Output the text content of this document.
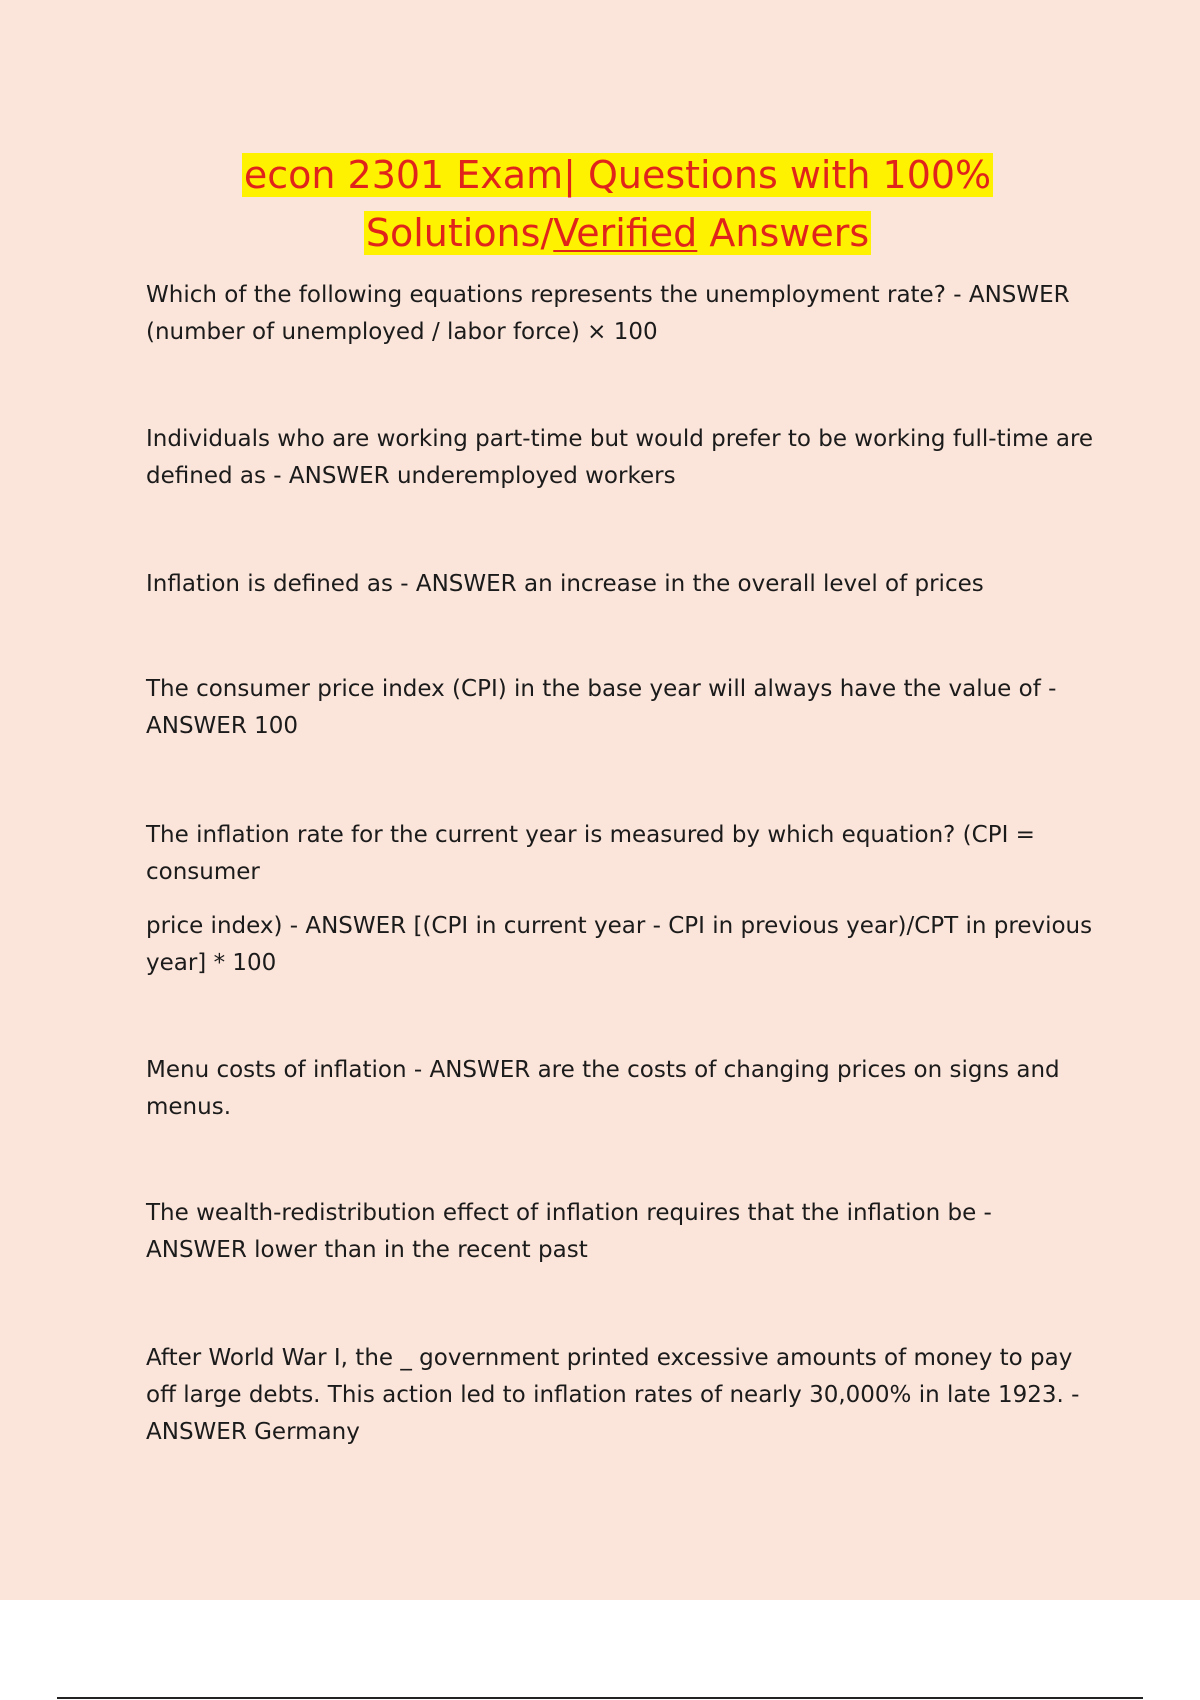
econ 2301 Exam| Questions with 100%
Solutions/Verified Answers

Which of the following equations represents the unemployment rate? - ANSWER (number of unemployed / labor force) × 100

Individuals who are working part-time but would prefer to be working full-time are defined as - ANSWER underemployed workers

Inflation is defined as - ANSWER an increase in the overall level of prices

The consumer price index (CPI) in the base year will always have the value of - ANSWER 100

The inflation rate for the current year is measured by which equation? (CPI = consumer

price index) - ANSWER [(CPI in current year - CPI in previous year)/CPT in previous year] * 100

Menu costs of inflation - ANSWER are the costs of changing prices on signs and menus.

The wealth-redistribution effect of inflation requires that the inflation be - ANSWER lower than in the recent past

After World War I, the _ government printed excessive amounts of money to pay off large debts. This action led to inflation rates of nearly 30,000% in late 1923. - ANSWER Germany
